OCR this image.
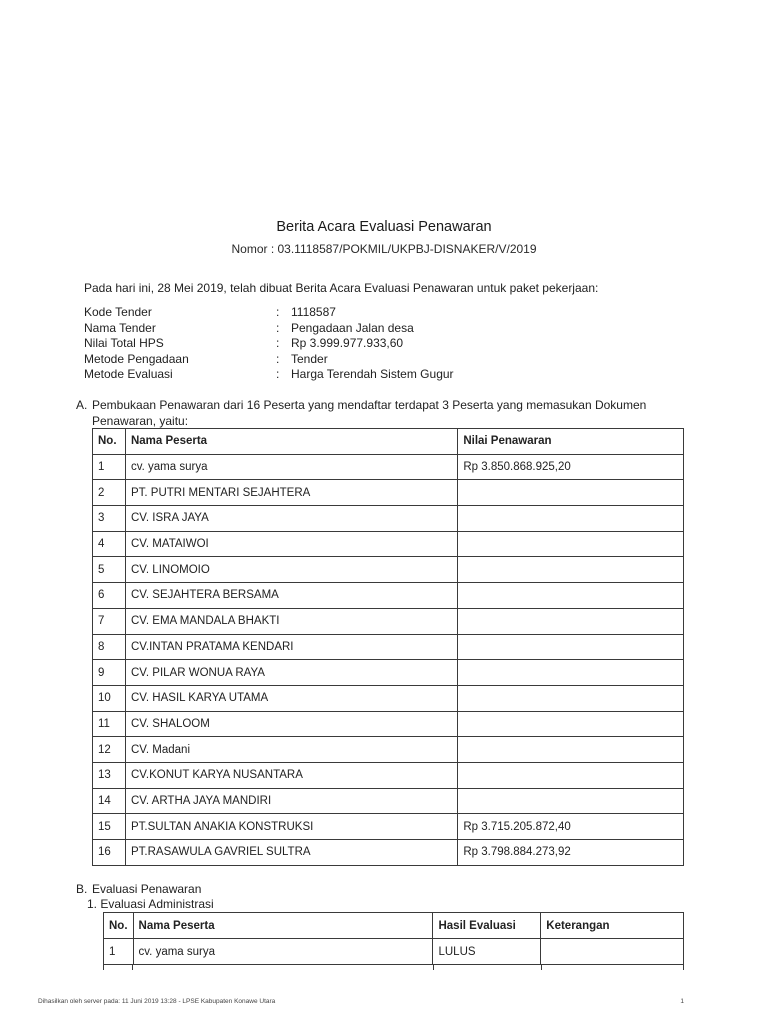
Berita Acara Evaluasi Penawaran
Nomor : 03.1118587/POKMIL/UKPBJ-DISNAKER/V/2019
Pada hari ini, 28 Mei 2019, telah dibuat Berita Acara Evaluasi Penawaran untuk paket pekerjaan:
Kode Tender	: 1118587
Nama Tender	: Pengadaan Jalan desa
Nilai Total HPS	: Rp 3.999.977.933,60
Metode Pengadaan	: Tender
Metode Evaluasi	: Harga Terendah Sistem Gugur
A. Pembukaan Penawaran dari 16 Peserta yang mendaftar terdapat 3 Peserta yang memasukan Dokumen
Penawaran, yaitu:
No.	Nama Peserta	Nilai Penawaran
1	cv. yama surya	Rp 3.850.868.925,20
2	PT. PUTRI MENTARI SEJAHTERA	
3	CV. ISRA JAYA	
4	CV. MATAIWOI	
5	CV. LINOMOIO	
6	CV. SEJAHTERA BERSAMA	
7	CV. EMA MANDALA BHAKTI	
8	CV.INTAN PRATAMA KENDARI	
9	CV. PILAR WONUA RAYA	
10	CV. HASIL KARYA UTAMA	
11	CV. SHALOOM	
12	CV. Madani	
13	CV.KONUT KARYA NUSANTARA	
14	CV. ARTHA JAYA MANDIRI	
15	PT.SULTAN ANAKIA KONSTRUKSI	Rp 3.715.205.872,40
16	PT.RASAWULA GAVRIEL SULTRA	Rp 3.798.884.273,92
B. Evaluasi Penawaran
1. Evaluasi Administrasi
No.	Nama Peserta	Hasil Evaluasi	Keterangan
1	cv. yama surya	LULUS	
Dihasilkan oleh server pada: 11 Juni 2019 13:28 - LPSE Kabupaten Konawe Utara	1
